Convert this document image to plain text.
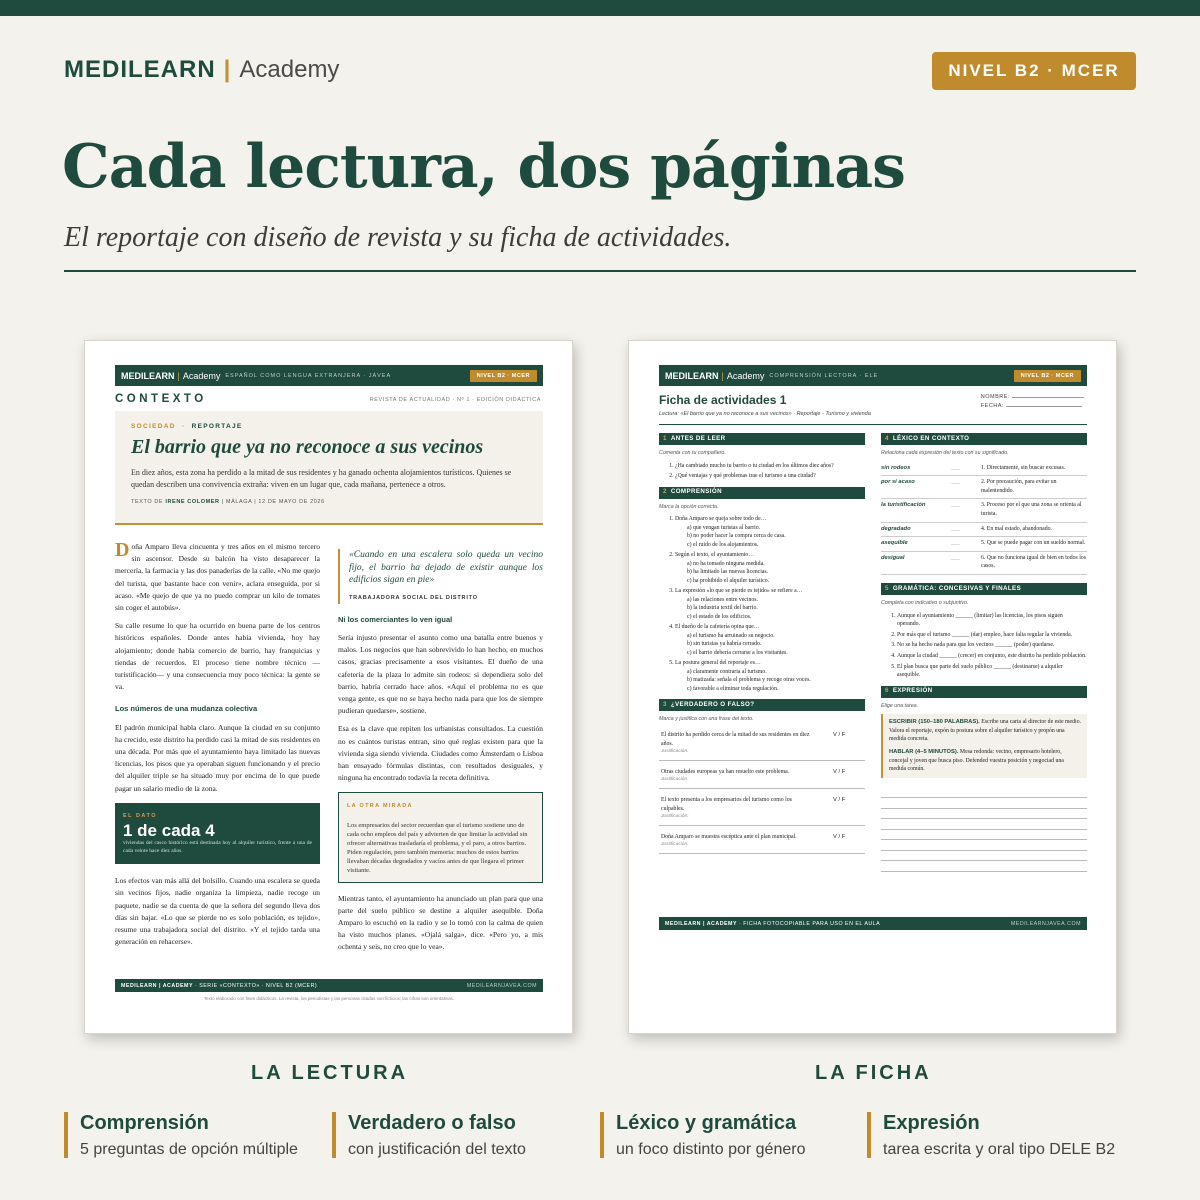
MEDILEARN | Academy	NIVEL B2 · MCER
Cada lectura, dos páginas
El reportaje con diseño de revista y su ficha de actividades.
MEDILEARN | Academy ESPAÑOL COMO LENGUA EXTRANJERA · JÁVEA	NIVEL B2 · MCER
CONTEXTO	REVISTA DE ACTUALIDAD · Nº 1 · EDICIÓN DIDÁCTICA
SOCIEDAD · REPORTAJE
El barrio que ya no reconoce a sus vecinos
En diez años, esta zona ha perdido a la mitad de sus residentes y ha ganado ochenta alojamientos turísticos. Quienes se quedan describen una convivencia extraña: viven en un lugar que, cada mañana, pertenece a otros.
TEXTO DE IRENE COLOMER | MÁLAGA | 12 DE MAYO DE 2026

Doña Amparo lleva cincuenta y tres años en el mismo tercero sin ascensor. Desde su balcón ha visto desaparecer la mercería, la farmacia y las dos panaderías de la calle. «No me quejo del turista, que bastante hace con venir», aclara enseguida, por si acaso. «Me quejo de que ya no puedo comprar un kilo de tomates sin coger el autobús».

Su calle resume lo que ha ocurrido en buena parte de los centros históricos españoles. Donde antes había vivienda, hoy hay alojamiento; donde había comercio de barrio, hay franquicias y tiendas de recuerdos. El proceso tiene nombre técnico —turistificación— y una consecuencia muy poco técnica: la gente se va.

Los números de una mudanza colectiva

El padrón municipal habla claro. Aunque la ciudad en su conjunto ha crecido, este distrito ha perdido casi la mitad de sus residentes en una década. Por más que el ayuntamiento haya limitado las nuevas licencias, los pisos que ya operaban siguen funcionando y el precio del alquiler triple se ha situado muy por encima de lo que puede pagar un salario medio de la zona.

EL DATO
1 de cada 4
viviendas del casco histórico está destinada hoy al alquiler turístico, frente a una de cada veinte hace diez años.

Los efectos van más allá del bolsillo. Cuando una escalera se queda sin vecinos fijos, nadie organiza la limpieza, nadie recoge un paquete, nadie se da cuenta de que la señora del segundo lleva dos días sin bajar. «Lo que se pierde no es solo población, es tejido», resume una trabajadora social del distrito. «Y el tejido tarda una generación en rehacerse».

«Cuando en una escalera solo queda un vecino fijo, el barrio ha dejado de existir aunque los edificios sigan en pie»
TRABAJADORA SOCIAL DEL DISTRITO
Ni los comerciantes lo ven igual

Sería injusto presentar el asunto como una batalla entre buenos y malos. Los negocios que han sobrevivido lo han hecho, en muchos casos, gracias precisamente a esos visitantes. El dueño de una cafetería de la plaza lo admite sin rodeos: si dependiera solo del barrio, habría cerrado hace años. «Aquí el problema no es que venga gente, es que no se haya hecho nada para que los de siempre pudieran quedarse», sostiene.

Esa es la clave que repiten los urbanistas consultados. La cuestión no es cuántos turistas entran, sino qué reglas existen para que la vivienda siga siendo vivienda. Ciudades como Ámsterdam o Lisboa han ensayado fórmulas distintas, con resultados desiguales, y ninguna ha encontrado todavía la receta definitiva.

LA OTRA MIRADA
Los empresarios del sector recuerdan que el turismo sostiene uno de cada ocho empleos del país y advierten de que limitar la actividad sin ofrecer alternativas trasladaría el problema, y el paro, a otros barrios. Piden regulación, pero también memoria: muchos de estos barrios llevaban décadas degradados y vacíos antes de que llegara el primer visitante.

Mientras tanto, el ayuntamiento ha anunciado un plan para que una parte del suelo público se destine a alquiler asequible. Doña Amparo lo escuchó en la radio y se lo tomó con la calma de quien ha visto muchos planes. «Ojalá salga», dice. «Pero yo, a mis ochenta y seis, no creo que lo vea».

MEDILEARN | ACADEMY
· SERIE «CONTEXTO» · NIVEL B2 (MCER)	MEDILEARNJAVEA.COM
Texto elaborado con fines didácticos. La revista, los periodistas y las personas citadas son ficticios; las cifras son orientativas.
MEDILEARN | Academy COMPRENSIÓN LECTORA · ELE	NIVEL B2 · MCER
Ficha de actividades 1
Lectura: «El barrio que ya no reconoce a sus vecinos» · Reportaje · Turismo y vivienda
NOMBRE:
FECHA:
1 ANTES DE LEER
Comenta con tu compañero.
1. ¿Ha cambiado mucho tu barrio o tu ciudad en los últimos diez años?
2. ¿Qué ventajas y qué problemas trae el turismo a una ciudad?
2 COMPRENSIÓN
Marca la opción correcta.
1. Doña Amparo se queja sobre todo de…
a) que vengan turistas al barrio.
b) no poder hacer la compra cerca de casa.
c) el ruido de los alojamientos.
2. Según el texto, el ayuntamiento…
a) no ha tomado ninguna medida.
b) ha limitado las nuevas licencias.
c) ha prohibido el alquiler turístico.
3. La expresión «lo que se pierde es tejido» se refiere a…
a) las relaciones entre vecinos.
b) la industria textil del barrio.
c) el estado de los edificios.
4. El dueño de la cafetería opina que…
a) el turismo ha arruinado su negocio.
b) sin turistas ya habría cerrado.
c) el barrio debería cerrarse a los visitantes.
5. La postura general del reportaje es…
a) claramente contraria al turismo.
b) matizada: señala el problema y recoge otras voces.
c) favorable a eliminar toda regulación.
3 ¿VERDADERO O FALSO?
Marca y justifica con una frase del texto.
El distrito ha perdido cerca de la mitad de sus residentes en diez años.
V / F
Justificación:
Otras ciudades europeas ya han resuelto este problema.	V / F
Justificación:
El texto presenta a los empresarios del turismo como los culpables.
V / F
Justificación:
Doña Amparo se muestra escéptica ante el plan municipal.	V / F
Justificación:
4 LÉXICO EN CONTEXTO
Relaciona cada expresión del texto con su significado.
sin rodeos	___	1. Directamente, sin buscar excusas.
por si acaso	___	2. Por precaución, para evitar un malentendido.
la turistificación	___	3. Proceso por el que una zona se orienta al turista.
degradado	___	4. En mal estado, abandonado.
asequible	___	5. Que se puede pagar con un sueldo normal.
desigual	___	6. Que no funciona igual de bien en todos los casos.
5 GRAMÁTICA: CONCESIVAS Y FINALES
Completa con indicativo o subjuntivo.
1. Aunque el ayuntamiento ______ (limitar) las licencias, los pisos siguen operando.
2. Por más que el turismo ______ (dar) empleo, hace falta regular la vivienda.
3. No se ha hecho nada para que los vecinos ______ (poder) quedarse.
4. Aunque la ciudad ______ (crecer) en conjunto, este distrito ha perdido población.
5. El plan busca que parte del suelo público ______ (destinarse) a alquiler asequible.
6 EXPRESIÓN
Elige una tarea.

ESCRIBIR (150–180 PALABRAS). Escribe una carta al director de este medio. Valora el reportaje, expón tu postura sobre el alquiler turístico y propón una medida concreta.

HABLAR (4–5 MINUTOS). Mesa redonda: vecino, empresario hotelero, concejal y joven que busca piso. Defended vuestra posición y negociad una medida común.

MEDILEARN | ACADEMY
· FICHA FOTOCOPIABLE PARA USO EN EL AULA	MEDILEARNJAVEA.COM
LA LECTURA	LA FICHA
Comprensión
5 preguntas de opción múltiple
Verdadero o falso
con justificación del texto
Léxico y gramática
un foco distinto por género
Expresión
tarea escrita y oral tipo DELE B2
